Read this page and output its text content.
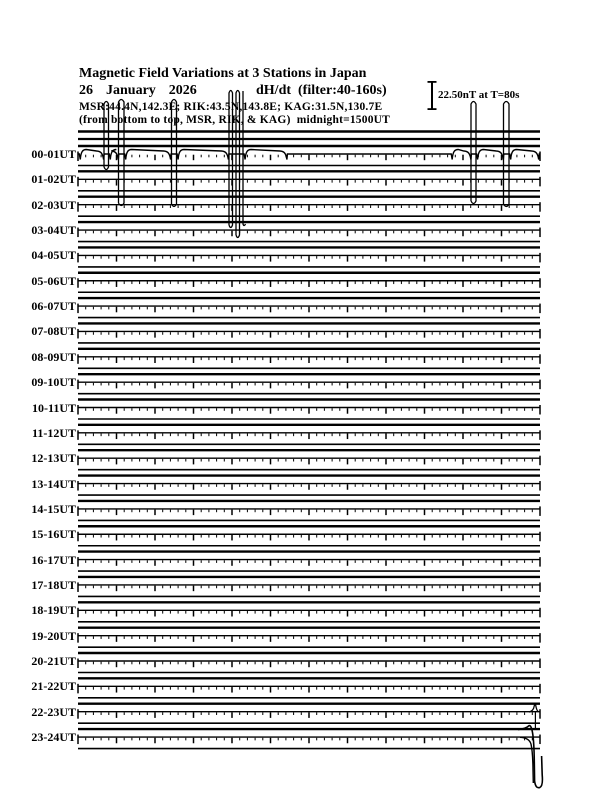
Magnetic Field Variations at 3 Stations in Japan
26  January  2026	dH/dt  (filter:40-160s)
MSR:44.4N,142.3E; RIK:43.5N,143.8E; KAG:31.5N,130.7E
(from bottom to top, MSR, RIK, & KAG)  midnight=1500UT
22.50nT at T=80s
00-01UT
01-02UT
02-03UT
03-04UT
04-05UT
05-06UT
06-07UT
07-08UT
08-09UT
09-10UT
10-11UT
11-12UT
12-13UT
13-14UT
14-15UT
15-16UT
16-17UT
17-18UT
18-19UT
19-20UT
20-21UT
21-22UT
22-23UT
23-24UT
